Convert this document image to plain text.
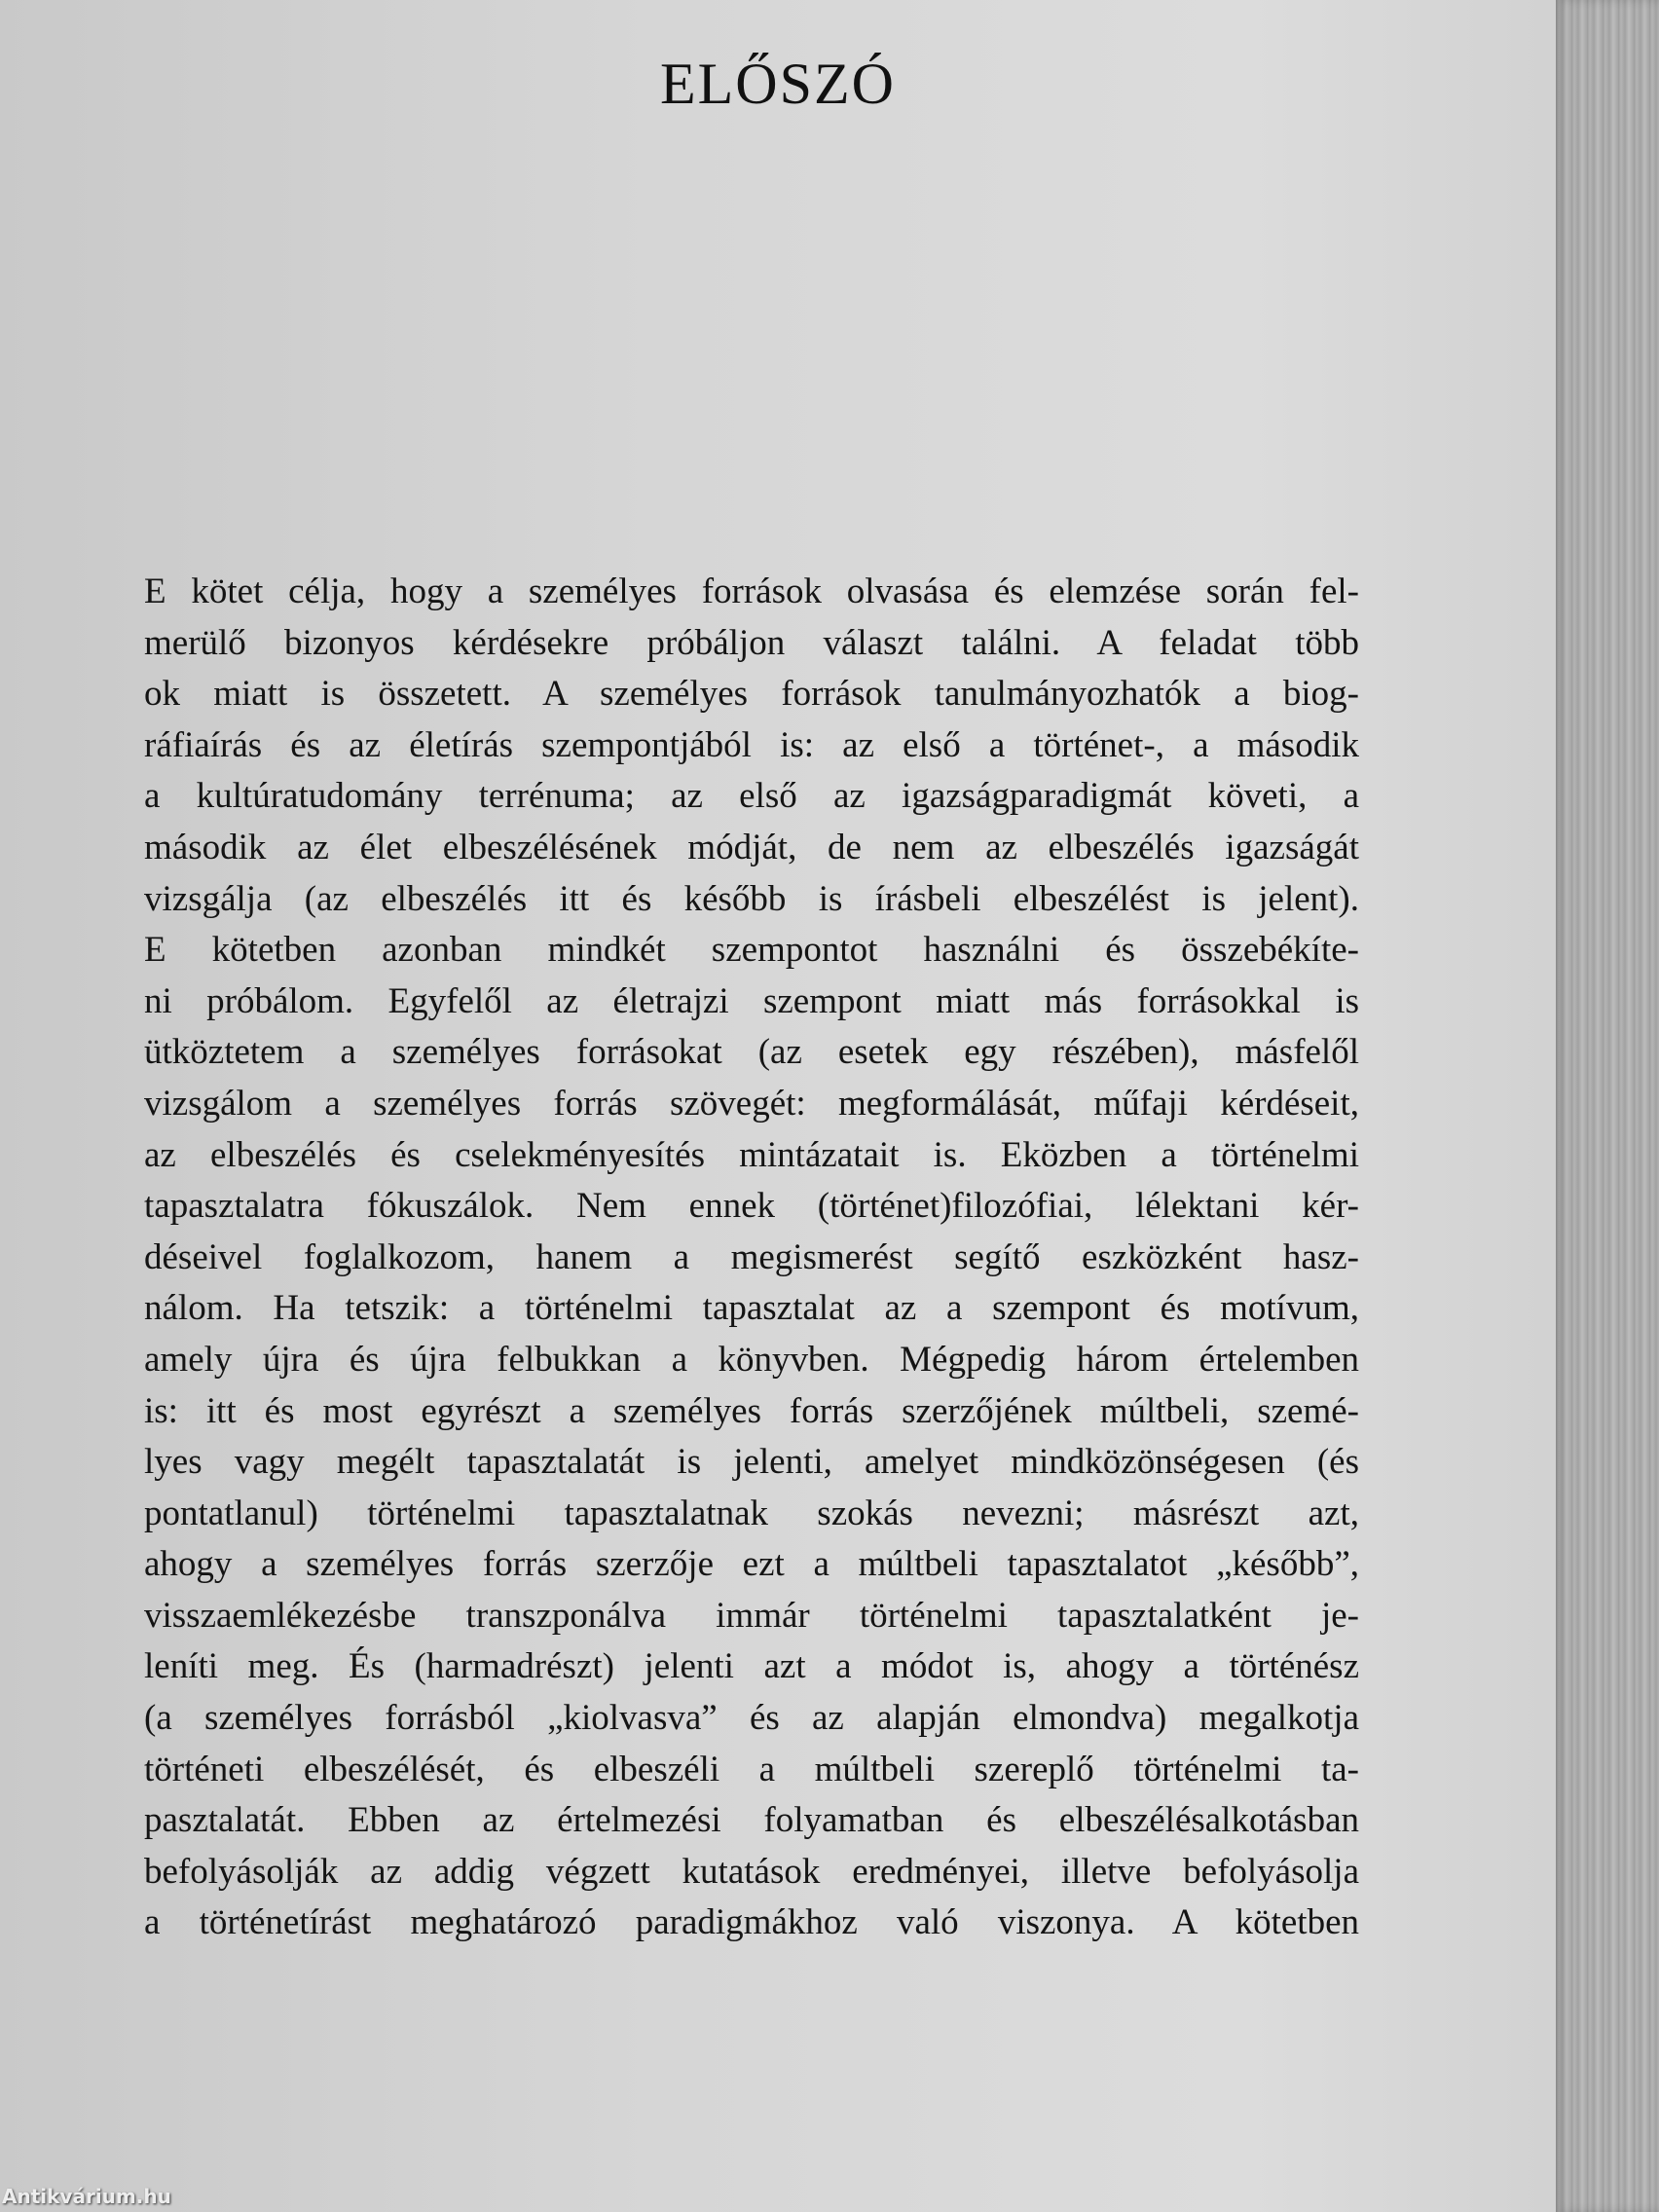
ELŐSZÓ
E kötet célja, hogy a személyes források olvasása és elemzése során fel-
merülő bizonyos kérdésekre próbáljon választ találni. A feladat több
ok miatt is összetett. A személyes források tanulmányozhatók a biog-
ráfiaírás és az életírás szempontjából is: az első a történet-, a második
a kultúratudomány terrénuma; az első az igazságparadigmát követi, a
második az élet elbeszélésének módját, de nem az elbeszélés igazságát
vizsgálja (az elbeszélés itt és később is írásbeli elbeszélést is jelent).
E kötetben azonban mindkét szempontot használni és összebékíte-
ni próbálom. Egyfelől az életrajzi szempont miatt más forrásokkal is
ütköztetem a személyes forrásokat (az esetek egy részében), másfelől
vizsgálom a személyes forrás szövegét: megformálását, műfaji kérdéseit,
az elbeszélés és cselekményesítés mintázatait is. Eközben a történelmi
tapasztalatra fókuszálok. Nem ennek (történet)filozófiai, lélektani kér-
déseivel foglalkozom, hanem a megismerést segítő eszközként hasz-
nálom. Ha tetszik: a történelmi tapasztalat az a szempont és motívum,
amely újra és újra felbukkan a könyvben. Mégpedig három értelemben
is: itt és most egyrészt a személyes forrás szerzőjének múltbeli, szemé-
lyes vagy megélt tapasztalatát is jelenti, amelyet mindközönségesen (és
pontatlanul) történelmi tapasztalatnak szokás nevezni; másrészt azt,
ahogy a személyes forrás szerzője ezt a múltbeli tapasztalatot „később”,
visszaemlékezésbe transzponálva immár történelmi tapasztalatként je-
leníti meg. És (harmadrészt) jelenti azt a módot is, ahogy a történész
(a személyes forrásból „kiolvasva” és az alapján elmondva) megalkotja
történeti elbeszélését, és elbeszéli a múltbeli szereplő történelmi ta-
pasztalatát. Ebben az értelmezési folyamatban és elbeszélésalkotásban
befolyásolják az addig végzett kutatások eredményei, illetve befolyásolja
a történetírást meghatározó paradigmákhoz való viszonya. A kötetben
Antikvárium.hu
